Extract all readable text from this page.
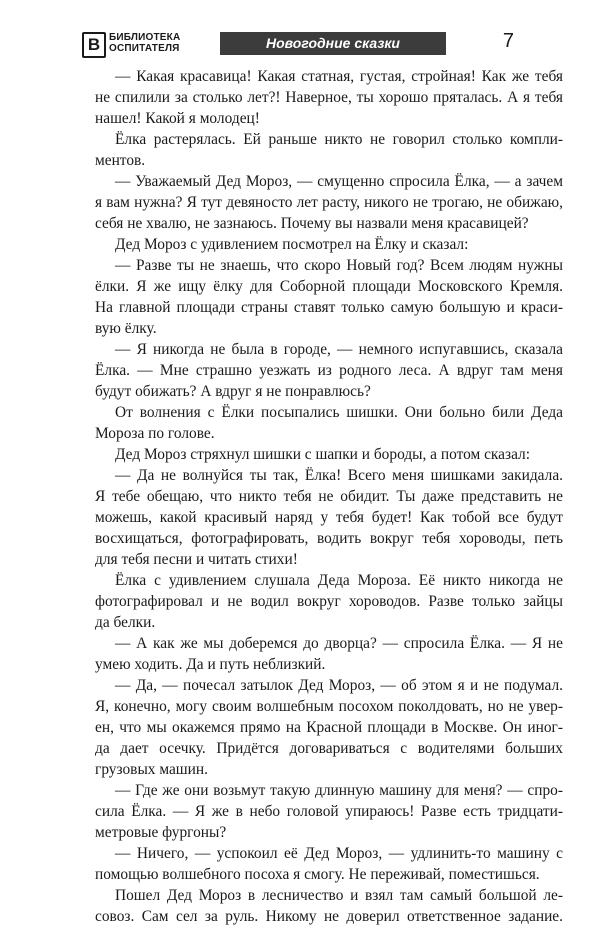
В БИБЛИОТЕКА
ОСПИТАТЕЛЯ	Новогодние сказки	7
— Какая красавица! Какая статная, густая, стройная! Как же тебя
не спилили за столько лет?! Наверное, ты хорошо пряталась. А я тебя
нашел! Какой я молодец!
Ёлка растерялась. Ей раньше никто не говорил столько компли-
ментов.
— Уважаемый Дед Мороз, — смущенно спросила Ёлка, — а зачем
я вам нужна? Я тут девяносто лет расту, никого не трогаю, не обижаю,
себя не хвалю, не зазнаюсь. Почему вы назвали меня красавицей?
Дед Мороз с удивлением посмотрел на Ёлку и сказал:
— Разве ты не знаешь, что скоро Новый год? Всем людям нужны
ёлки. Я же ищу ёлку для Соборной площади Московского Кремля.
На главной площади страны ставят только самую большую и краси-
вую ёлку.
— Я никогда не была в городе, — немного испугавшись, сказала
Ёлка. — Мне страшно уезжать из родного леса. А вдруг там меня
будут обижать? А вдруг я не понравлюсь?
От волнения с Ёлки посыпались шишки. Они больно били Деда
Мороза по голове.
Дед Мороз стряхнул шишки с шапки и бороды, а потом сказал:
— Да не волнуйся ты так, Ёлка! Всего меня шишками закидала.
Я тебе обещаю, что никто тебя не обидит. Ты даже представить не
можешь, какой красивый наряд у тебя будет! Как тобой все будут
восхищаться, фотографировать, водить вокруг тебя хороводы, петь
для тебя песни и читать стихи!
Ёлка с удивлением слушала Деда Мороза. Её никто никогда не
фотографировал и не водил вокруг хороводов. Разве только зайцы
да белки.
— А как же мы доберемся до дворца? — спросила Ёлка. — Я не
умею ходить. Да и путь неблизкий.
— Да, — почесал затылок Дед Мороз, — об этом я и не подумал.
Я, конечно, могу своим волшебным посохом поколдовать, но не увер-
ен, что мы окажемся прямо на Красной площади в Москве. Он иног-
да дает осечку. Придётся договариваться с водителями больших
грузовых машин.
— Где же они возьмут такую длинную машину для меня? — спро-
сила Ёлка. — Я же в небо головой упираюсь! Разве есть тридцати-
метровые фургоны?
— Ничего, — успокоил её Дед Мороз, — удлинить-то машину с
помощью волшебного посоха я смогу. Не переживай, поместишься.
Пошел Дед Мороз в лесничество и взял там самый большой ле-
совоз. Сам сел за руль. Никому не доверил ответственное задание.
